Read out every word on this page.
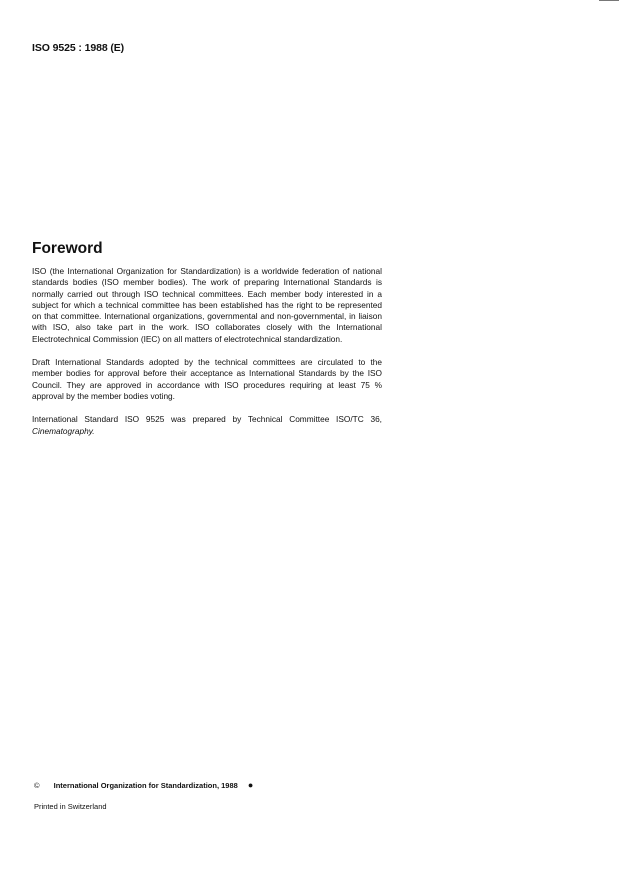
ISO 9525 : 1988 (E)
Foreword

ISO (the International Organization for Standardization) is a worldwide federation of national standards bodies (ISO member bodies). The work of preparing International Standards is normally carried out through ISO technical committees. Each member body interested in a subject for which a technical committee has been established has the right to be represented on that committee. International organizations, governmental and non-governmental, in liaison with ISO, also take part in the work. ISO collaborates closely with the International Electrotechnical Commission (IEC) on all matters of electrotechnical standardization.

Draft International Standards adopted by the technical committees are circulated to the member bodies for approval before their acceptance as International Standards by the ISO Council. They are approved in accordance with ISO procedures requiring at least 75 % approval by the member bodies voting.

International Standard ISO 9525 was prepared by Technical Committee ISO/TC 36, Cinematography.

© International Organization for Standardization, 1988 ●
Printed in Switzerland
